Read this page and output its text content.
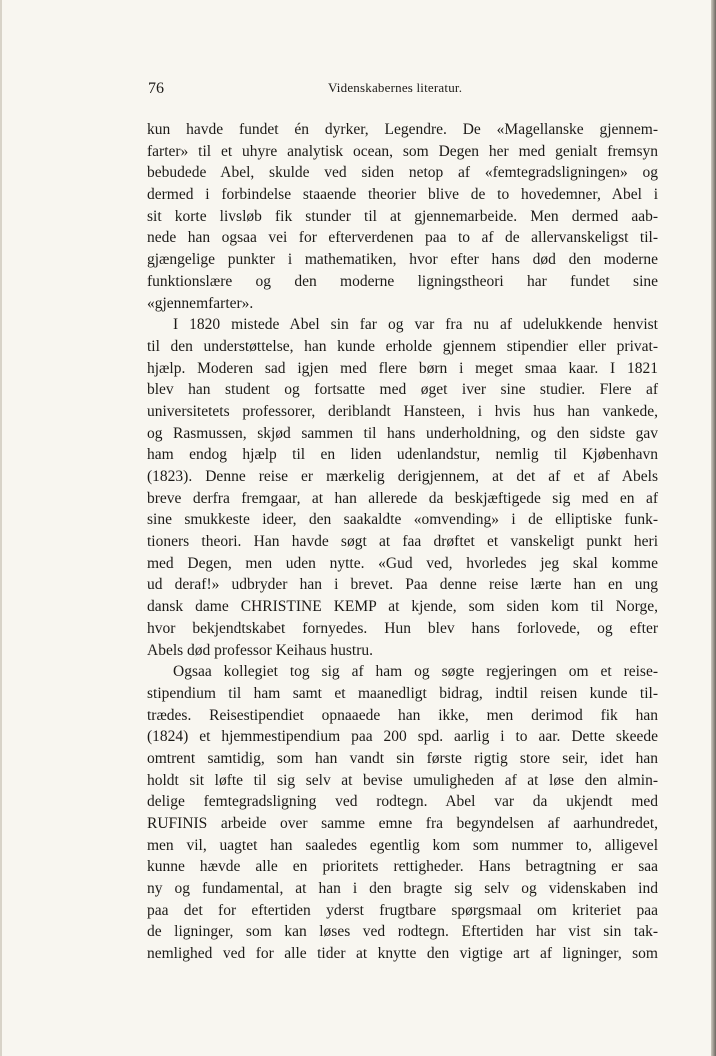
76	Videnskabernes literatur.
kun havde fundet én dyrker, Legendre. De «Magellanske gjennem-
farter» til et uhyre analytisk ocean, som Degen her med genialt fremsyn
bebudede Abel, skulde ved siden netop af «femtegradsligningen» og
dermed i forbindelse staaende theorier blive de to hovedemner, Abel i
sit korte livsløb fik stunder til at gjennemarbeide. Men dermed aab-
nede han ogsaa vei for efterverdenen paa to af de allervanskeligst til-
gjængelige punkter i mathematiken, hvor efter hans død den moderne
funktionslære og den moderne ligningstheori har fundet sine
«gjennemfarter».
I 1820 mistede Abel sin far og var fra nu af udelukkende henvist
til den understøttelse, han kunde erholde gjennem stipendier eller privat-
hjælp. Moderen sad igjen med flere børn i meget smaa kaar. I 1821
blev han student og fortsatte med øget iver sine studier. Flere af
universitetets professorer, deriblandt Hansteen, i hvis hus han vankede,
og Rasmussen, skjød sammen til hans underholdning, og den sidste gav
ham endog hjælp til en liden udenlandstur, nemlig til Kjøbenhavn
(1823). Denne reise er mærkelig derigjennem, at det af et af Abels
breve derfra fremgaar, at han allerede da beskjæftigede sig med en af
sine smukkeste ideer, den saakaldte «omvending» i de elliptiske funk-
tioners theori. Han havde søgt at faa drøftet et vanskeligt punkt heri
med Degen, men uden nytte. «Gud ved, hvorledes jeg skal komme
ud deraf!» udbryder han i brevet. Paa denne reise lærte han en ung
dansk dame CHRISTINE KEMP at kjende, som siden kom til Norge,
hvor bekjendtskabet fornyedes. Hun blev hans forlovede, og efter
Abels død professor Keihaus hustru.
Ogsaa kollegiet tog sig af ham og søgte regjeringen om et reise-
stipendium til ham samt et maanedligt bidrag, indtil reisen kunde til-
trædes. Reisestipendiet opnaaede han ikke, men derimod fik han
(1824) et hjemmestipendium paa 200 spd. aarlig i to aar. Dette skeede
omtrent samtidig, som han vandt sin første rigtig store seir, idet han
holdt sit løfte til sig selv at bevise umuligheden af at løse den almin-
delige femtegradsligning ved rodtegn. Abel var da ukjendt med
RUFINIS arbeide over samme emne fra begyndelsen af aarhundredet,
men vil, uagtet han saaledes egentlig kom som nummer to, alligevel
kunne hævde alle en prioritets rettigheder. Hans betragtning er saa
ny og fundamental, at han i den bragte sig selv og videnskaben ind
paa det for eftertiden yderst frugtbare spørgsmaal om kriteriet paa
de ligninger, som kan løses ved rodtegn. Eftertiden har vist sin tak-
nemlighed ved for alle tider at knytte den vigtige art af ligninger, som
